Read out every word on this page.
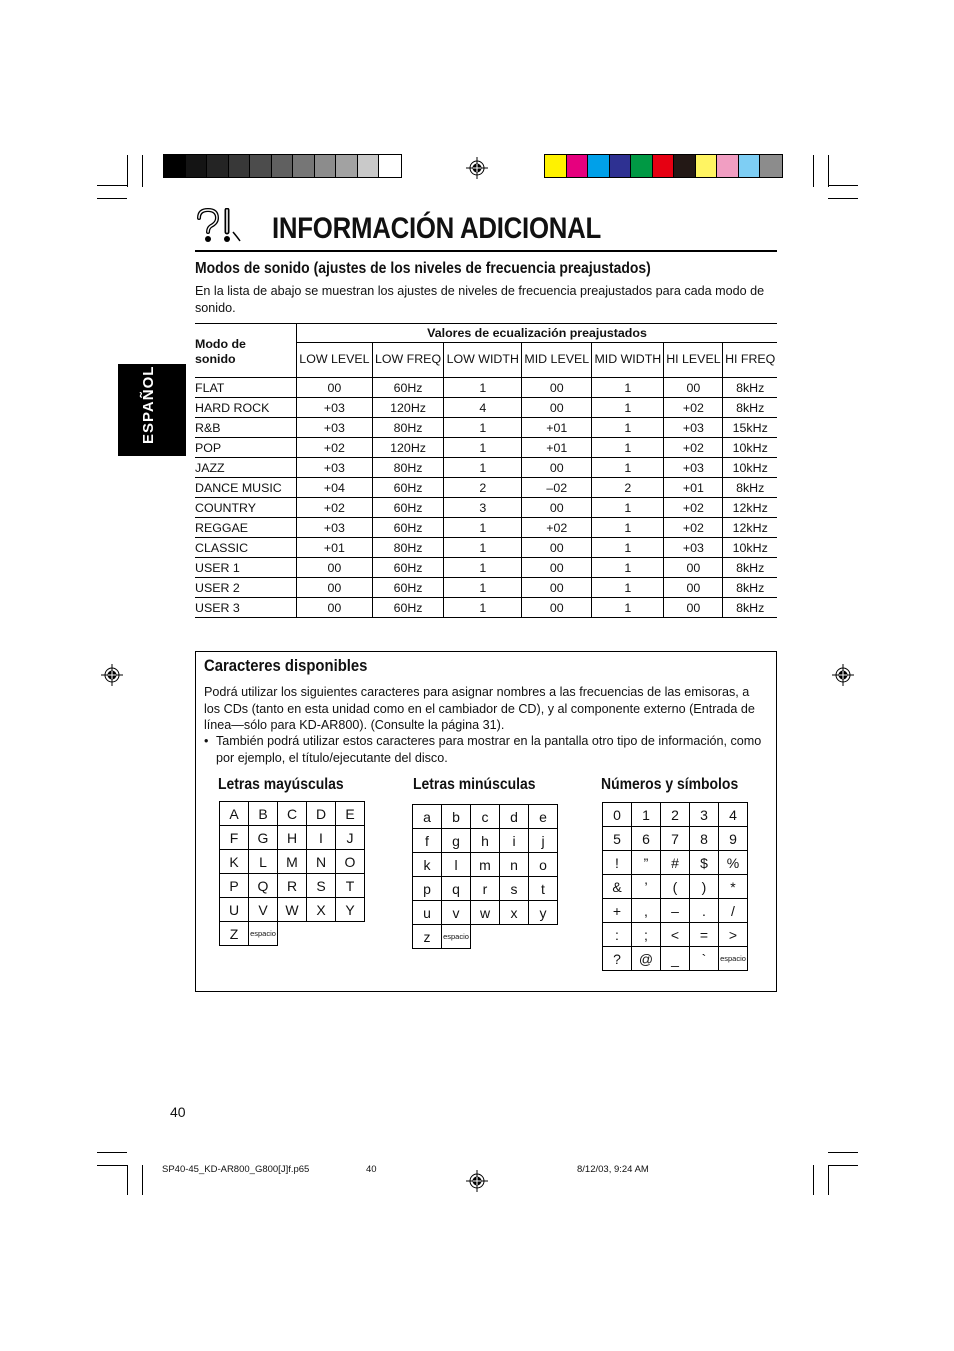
INFORMACIÓN ADICIONAL
ESPAÑOL
Modos de sonido (ajustes de los niveles de frecuencia preajustados)
En la lista de abajo se muestran los ajustes de niveles de frecuencia preajustados para cada modo de sonido.
Modo de sonido	Valores de ecualización preajustados						
	LOW LEVEL	LOW FREQ	LOW WIDTH	MID LEVEL	MID WIDTH	HI LEVEL	HI FREQ
FLAT	00	60Hz	1	00	1	00	8kHz
HARD ROCK	+03	120Hz	4	00	1	+02	8kHz
R&B	+03	80Hz	1	+01	1	+03	15kHz
POP	+02	120Hz	1	+01	1	+02	10kHz
JAZZ	+03	80Hz	1	00	1	+03	10kHz
DANCE MUSIC	+04	60Hz	2	–02	2	+01	8kHz
COUNTRY	+02	60Hz	3	00	1	+02	12kHz
REGGAE	+03	60Hz	1	+02	1	+02	12kHz
CLASSIC	+01	80Hz	1	00	1	+03	10kHz
USER 1	00	60Hz	1	00	1	00	8kHz
USER 2	00	60Hz	1	00	1	00	8kHz
USER 3	00	60Hz	1	00	1	00	8kHz
Caracteres disponibles
Podrá utilizar los siguientes caracteres para asignar nombres a las frecuencias de las emisoras, a los CDs (tanto en esta unidad como en el cambiador de CD), y al componente externo (Entrada de línea—sólo para KD-AR800). (Consulte la página 31).
• También podrá utilizar estos caracteres para mostrar en la pantalla otro tipo de información, como por ejemplo, el título/ejecutante del disco.
Letras mayúsculas	Letras minúsculas	Números y símbolos
A	B	C	D	E
F	G	H	I	J
K	L	M	N	O
P	Q	R	S	T
U	V	W	X	Y
Z	espacio			
a	b	c	d	e
f	g	h	i	j
k	l	m	n	o
p	q	r	s	t
u	v	w	x	y
z	espacio			
0	1	2	3	4
5	6	7	8	9
!	”	#	$	%
&	’	(	)	*
+	,	–	.	/
:	;	<	=	>
?	@	_	`	espacio
40
SP40-45_KD-AR800_G800[J]f.p65	40	8/12/03, 9:24 AM
